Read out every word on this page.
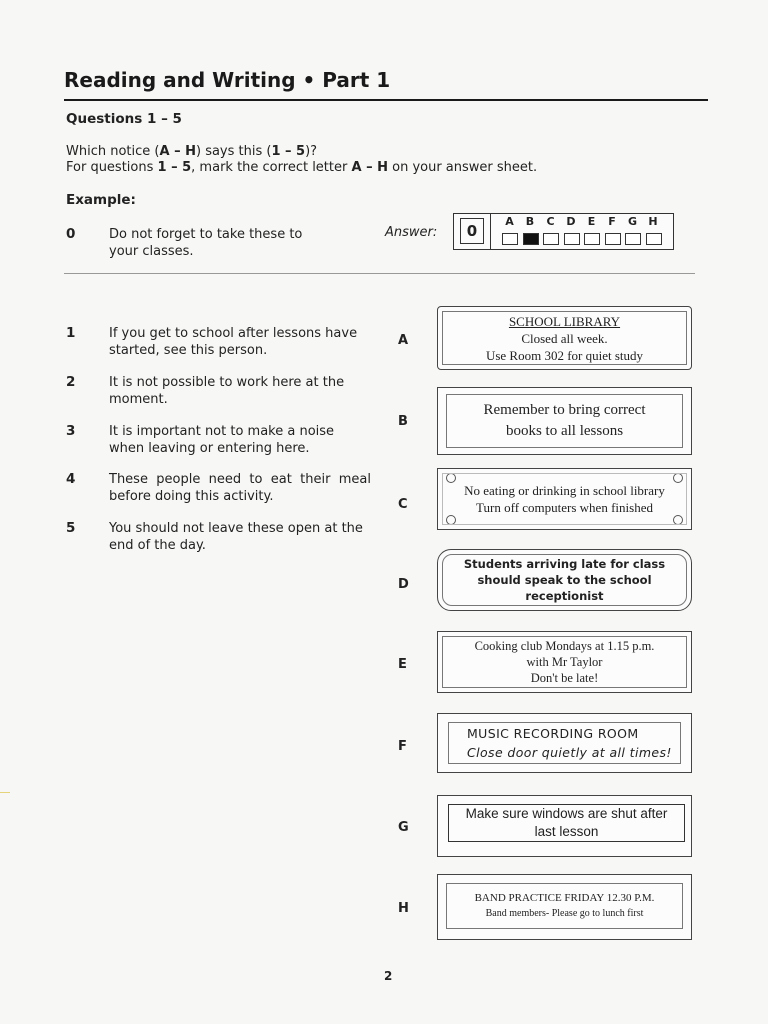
Reading and Writing • Part 1
Questions 1 – 5
Which notice (A – H) says this (1 – 5)?
For questions 1 – 5, mark the correct letter A – H on your answer sheet.
Example:
0	Do not forget to take these to your classes.
Answer:	0
A	B	C	D	E	F	G	H
1	If you get to school after lessons have started, see this person.
2	It is not possible to work here at the moment.
3	It is important not to make a noise when leaving or entering here.
4	These people need to eat their meal before doing this activity.
5	You should not leave these open at the end of the day.
A
B
C
D
E
F
G
H
SCHOOL LIBRARY
Closed all week.
Use Room 302 for quiet study
Remember to bring correct
books to all lessons
No eating or drinking in school library
Turn off computers when finished
Students arriving late for class
should speak to the school receptionist
Cooking club Mondays at 1.15 p.m.
with Mr Taylor
Don't be late!
MUSIC RECORDING ROOM
Close door quietly at all times!
Make sure windows are shut after
last lesson
BAND PRACTICE FRIDAY 12.30 P.M.
Band members- Please go to lunch first
2
